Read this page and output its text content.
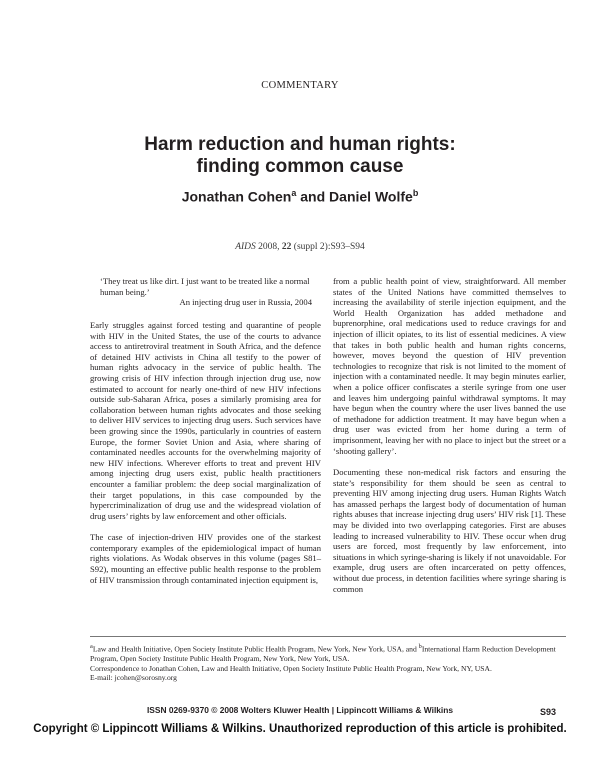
COMMENTARY
Harm reduction and human rights:
finding common cause
Jonathan Cohen$^a$ and Daniel Wolfe$^b$
AIDS 2008, 22 (suppl 2):S93–S94
‘They treat us like dirt. I just want to be treated like a normal human being.’
An injecting drug user in Russia, 2004

Early struggles against forced testing and quarantine of people with HIV in the United States, the use of the courts to advance access to antiretroviral treatment in South Africa, and the defence of detained HIV activists in China all testify to the power of human rights advocacy in the service of public health. The growing crisis of HIV infection through injection drug use, now estimated to account for nearly one-third of new HIV infections outside sub-Saharan Africa, poses a similarly promising area for collaboration between human rights advocates and those seeking to deliver HIV services to injecting drug users. Such services have been growing since the 1990s, particularly in countries of eastern Europe, the former Soviet Union and Asia, where sharing of contaminated needles accounts for the overwhelming majority of new HIV infections. Wherever efforts to treat and prevent HIV among injecting drug users exist, public health practitioners encounter a familiar problem: the deep social marginalization of their target populations, in this case compounded by the hypercriminalization of drug use and the widespread violation of drug users’ rights by law enforcement and other officials.

The case of injection-driven HIV provides one of the starkest contemporary examples of the epidemiological impact of human rights violations. As Wodak observes in this volume (pages S81–S92), mounting an effective public health response to the problem of HIV transmission through contaminated injection equipment is,

from a public health point of view, straightforward. All member states of the United Nations have committed themselves to increasing the availability of sterile injection equipment, and the World Health Organization has added methadone and buprenorphine, oral medications used to reduce cravings for and injection of illicit opiates, to its list of essential medicines. A view that takes in both public health and human rights concerns, however, moves beyond the question of HIV prevention technologies to recognize that risk is not limited to the moment of injection with a contaminated needle. It may begin minutes earlier, when a police officer confiscates a sterile syringe from one user and leaves him undergoing painful withdrawal symptoms. It may have begun when the country where the user lives banned the use of methadone for addiction treatment. It may have begun when a drug user was evicted from her home during a term of imprisonment, leaving her with no place to inject but the street or a ‘shooting gallery’.

Documenting these non-medical risk factors and ensuring the state’s responsibility for them should be seen as central to preventing HIV among injecting drug users. Human Rights Watch has amassed perhaps the largest body of documentation of human rights abuses that increase injecting drug users’ HIV risk [1]. These may be divided into two overlapping categories. First are abuses leading to increased vulnerability to HIV. These occur when drug users are forced, most frequently by law enforcement, into situations in which syringe-sharing is likely if not unavoidable. For example, drug users are often incarcerated on petty offences, without due process, in detention facilities where syringe sharing is common

$^a$Law and Health Initiative, Open Society Institute Public Health Program, New York, New York, USA, and $^b$International Harm Reduction Development Program, Open Society Institute Public Health Program, New York, New York, USA.

Correspondence to Jonathan Cohen, Law and Health Initiative, Open Society Institute Public Health Program, New York, NY, USA.

E-mail: jcohen@sorosny.org

ISSN 0269-9370 © 2008 Wolters Kluwer Health | Lippincott Williams & Wilkins	S93
Copyright © Lippincott Williams & Wilkins. Unauthorized reproduction of this article is prohibited.
